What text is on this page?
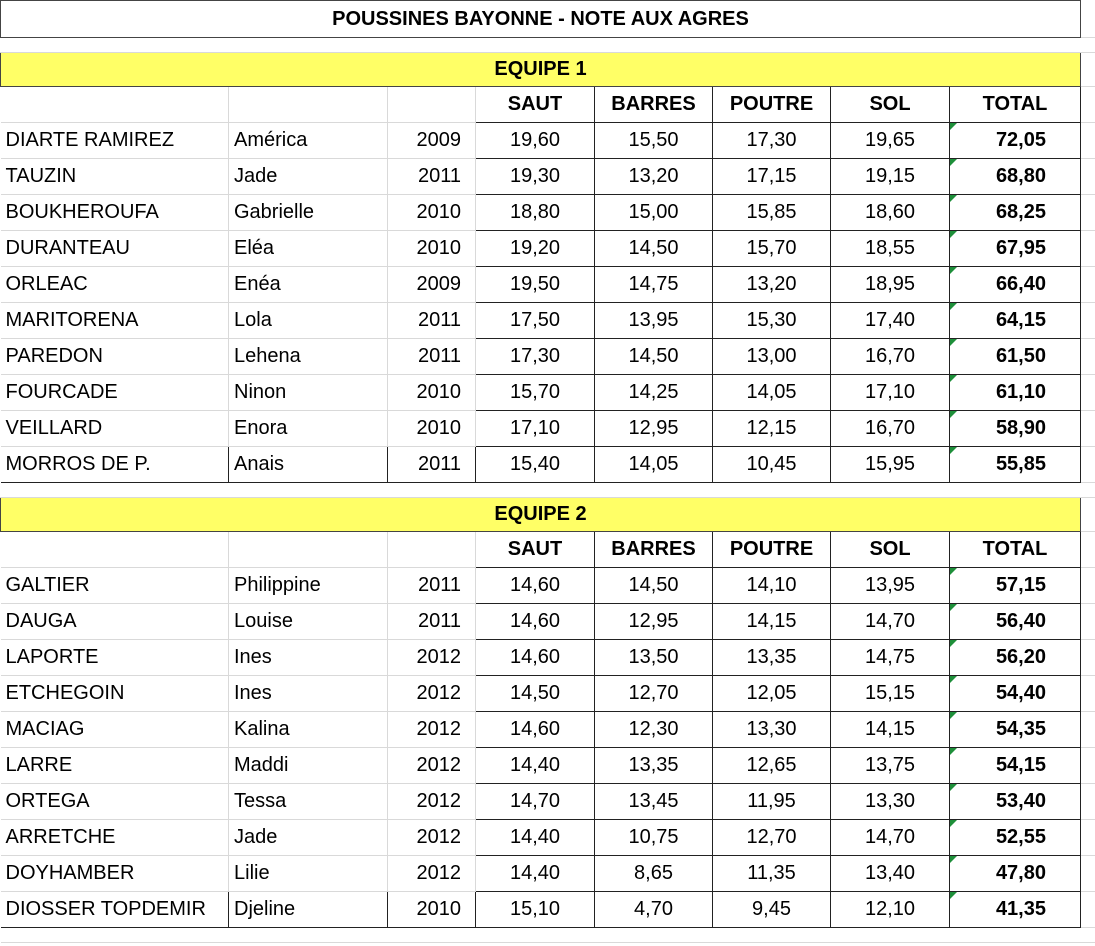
POUSSINES BAYONNE - NOTE AUX AGRES								

EQUIPE 1								
			SAUT	BARRES	POUTRE	SOL	TOTAL	
DIARTE RAMIREZ	América	2009	19,60	15,50	17,30	19,65	72,05	
TAUZIN	Jade	2011	19,30	13,20	17,15	19,15	68,80	
BOUKHEROUFA	Gabrielle	2010	18,80	15,00	15,85	18,60	68,25	
DURANTEAU	Eléa	2010	19,20	14,50	15,70	18,55	67,95	
ORLEAC	Enéa	2009	19,50	14,75	13,20	18,95	66,40	
MARITORENA	Lola	2011	17,50	13,95	15,30	17,40	64,15	
PAREDON	Lehena	2011	17,30	14,50	13,00	16,70	61,50	
FOURCADE	Ninon	2010	15,70	14,25	14,05	17,10	61,10	
VEILLARD	Enora	2010	17,10	12,95	12,15	16,70	58,90	
MORROS DE P.	Anais	2011	15,40	14,05	10,45	15,95	55,85	

EQUIPE 2								
			SAUT	BARRES	POUTRE	SOL	TOTAL	
GALTIER	Philippine	2011	14,60	14,50	14,10	13,95	57,15	
DAUGA	Louise	2011	14,60	12,95	14,15	14,70	56,40	
LAPORTE	Ines	2012	14,60	13,50	13,35	14,75	56,20	
ETCHEGOIN	Ines	2012	14,50	12,70	12,05	15,15	54,40	
MACIAG	Kalina	2012	14,60	12,30	13,30	14,15	54,35	
LARRE	Maddi	2012	14,40	13,35	12,65	13,75	54,15	
ORTEGA	Tessa	2012	14,70	13,45	11,95	13,30	53,40	
ARRETCHE	Jade	2012	14,40	10,75	12,70	14,70	52,55	
DOYHAMBER	Lilie	2012	14,40	8,65	11,35	13,40	47,80	
DIOSSER TOPDEMIR	Djeline	2010	15,10	4,70	9,45	12,10	41,35	
